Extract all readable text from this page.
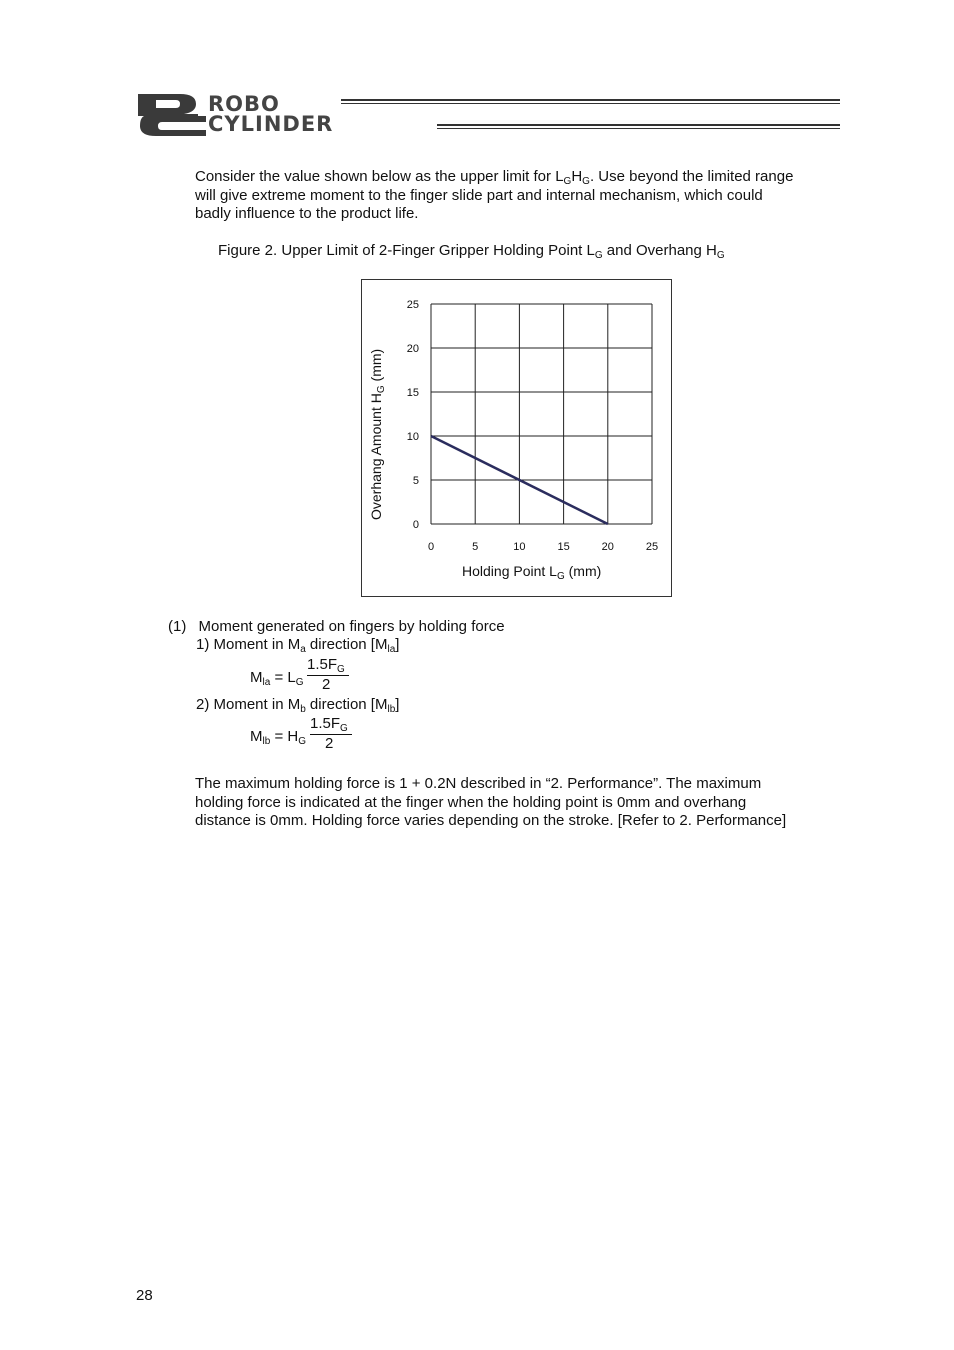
ROBO
CYLINDER
Consider the value shown below as the upper limit for $L_GH_G$. Use beyond the limited range
will give extreme moment to the finger slide part and internal mechanism, which could
badly influence to the product life.
Figure 2. Upper Limit of 2-Finger Gripper Holding Point $L_G$ and Overhang $H_G$
0	5	10	15	20	25
0
5
10
15
20
25
Overhang Amount $H_G$ (mm)
Holding Point $L_G$ (mm)
(1) Moment generated on fingers by holding force
1) Moment in $M_a$ direction $[M_{la}]$
$M_{la} = L_G$
$1.5F_G$
2
2) Moment in $M_b$ direction $[M_{lb}]$
$M_{lb} = H_G$
$1.5F_G$
2
The maximum holding force is 1 + 0.2N described in “2. Performance”. The maximum
holding force is indicated at the finger when the holding point is 0mm and overhang
distance is 0mm. Holding force varies depending on the stroke. [Refer to 2. Performance]
28
